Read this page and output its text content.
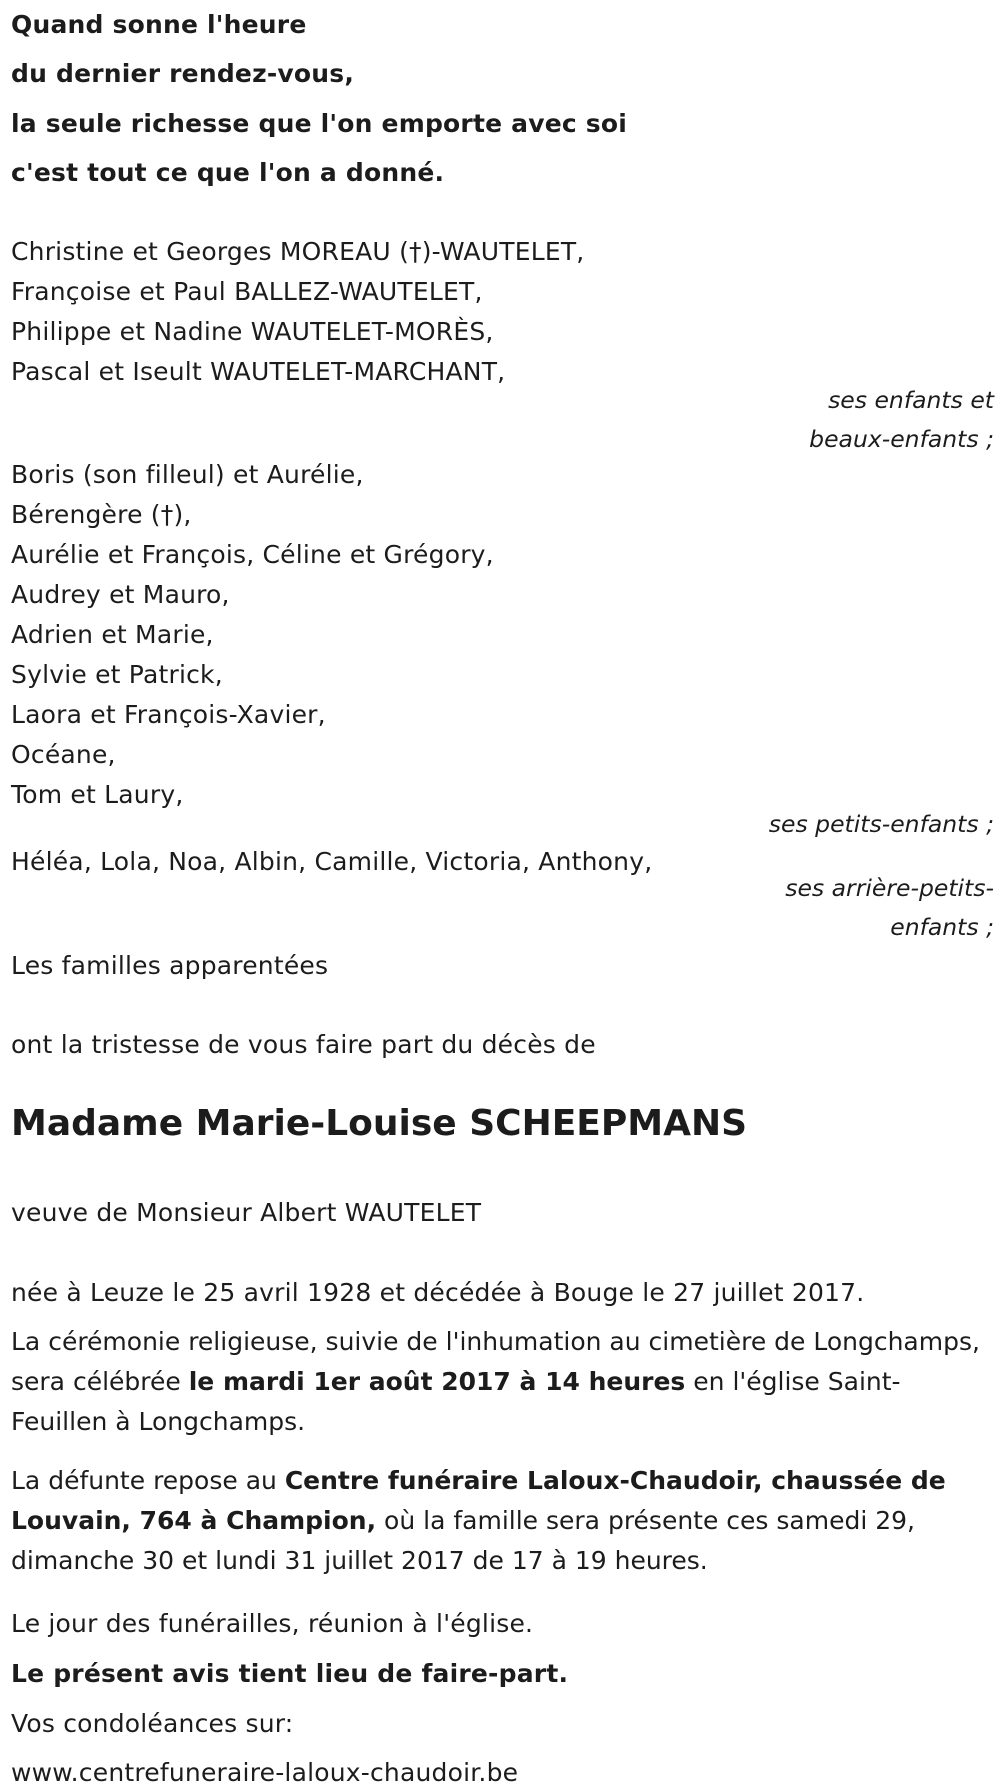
Quand sonne l'heure

du dernier rendez-vous,

la seule richesse que l'on emporte avec soi

c'est tout ce que l'on a donné.

Christine et Georges MOREAU (†)-WAUTELET,

Françoise et Paul BALLEZ-WAUTELET,

Philippe et Nadine WAUTELET-MORÈS,

Pascal et Iseult WAUTELET-MARCHANT,

ses enfants et

beaux-enfants ;

Boris (son filleul) et Aurélie,

Bérengère (†),

Aurélie et François, Céline et Grégory,

Audrey et Mauro,

Adrien et Marie,

Sylvie et Patrick,

Laora et François-Xavier,

Océane,

Tom et Laury,

ses petits-enfants ;

Héléa, Lola, Noa, Albin, Camille, Victoria, Anthony,

ses arrière-petits-

enfants ;

Les familles apparentées

ont la tristesse de vous faire part du décès de

Madame Marie-Louise SCHEEPMANS

veuve de Monsieur Albert WAUTELET

née à Leuze le 25 avril 1928 et décédée à Bouge le 27 juillet 2017.

La cérémonie religieuse, suivie de l'inhumation au cimetière de Longchamps, sera célébrée le mardi 1er août 2017 à 14 heures en l'église Saint-Feuillen à Longchamps.

La défunte repose au Centre funéraire Laloux-Chaudoir, chaussée de Louvain, 764 à Champion, où la famille sera présente ces samedi 29, dimanche 30 et lundi 31 juillet 2017 de 17 à 19 heures.

Le jour des funérailles, réunion à l'église.

Le présent avis tient lieu de faire-part.

Vos condoléances sur:

www.centrefuneraire-laloux-chaudoir.be
